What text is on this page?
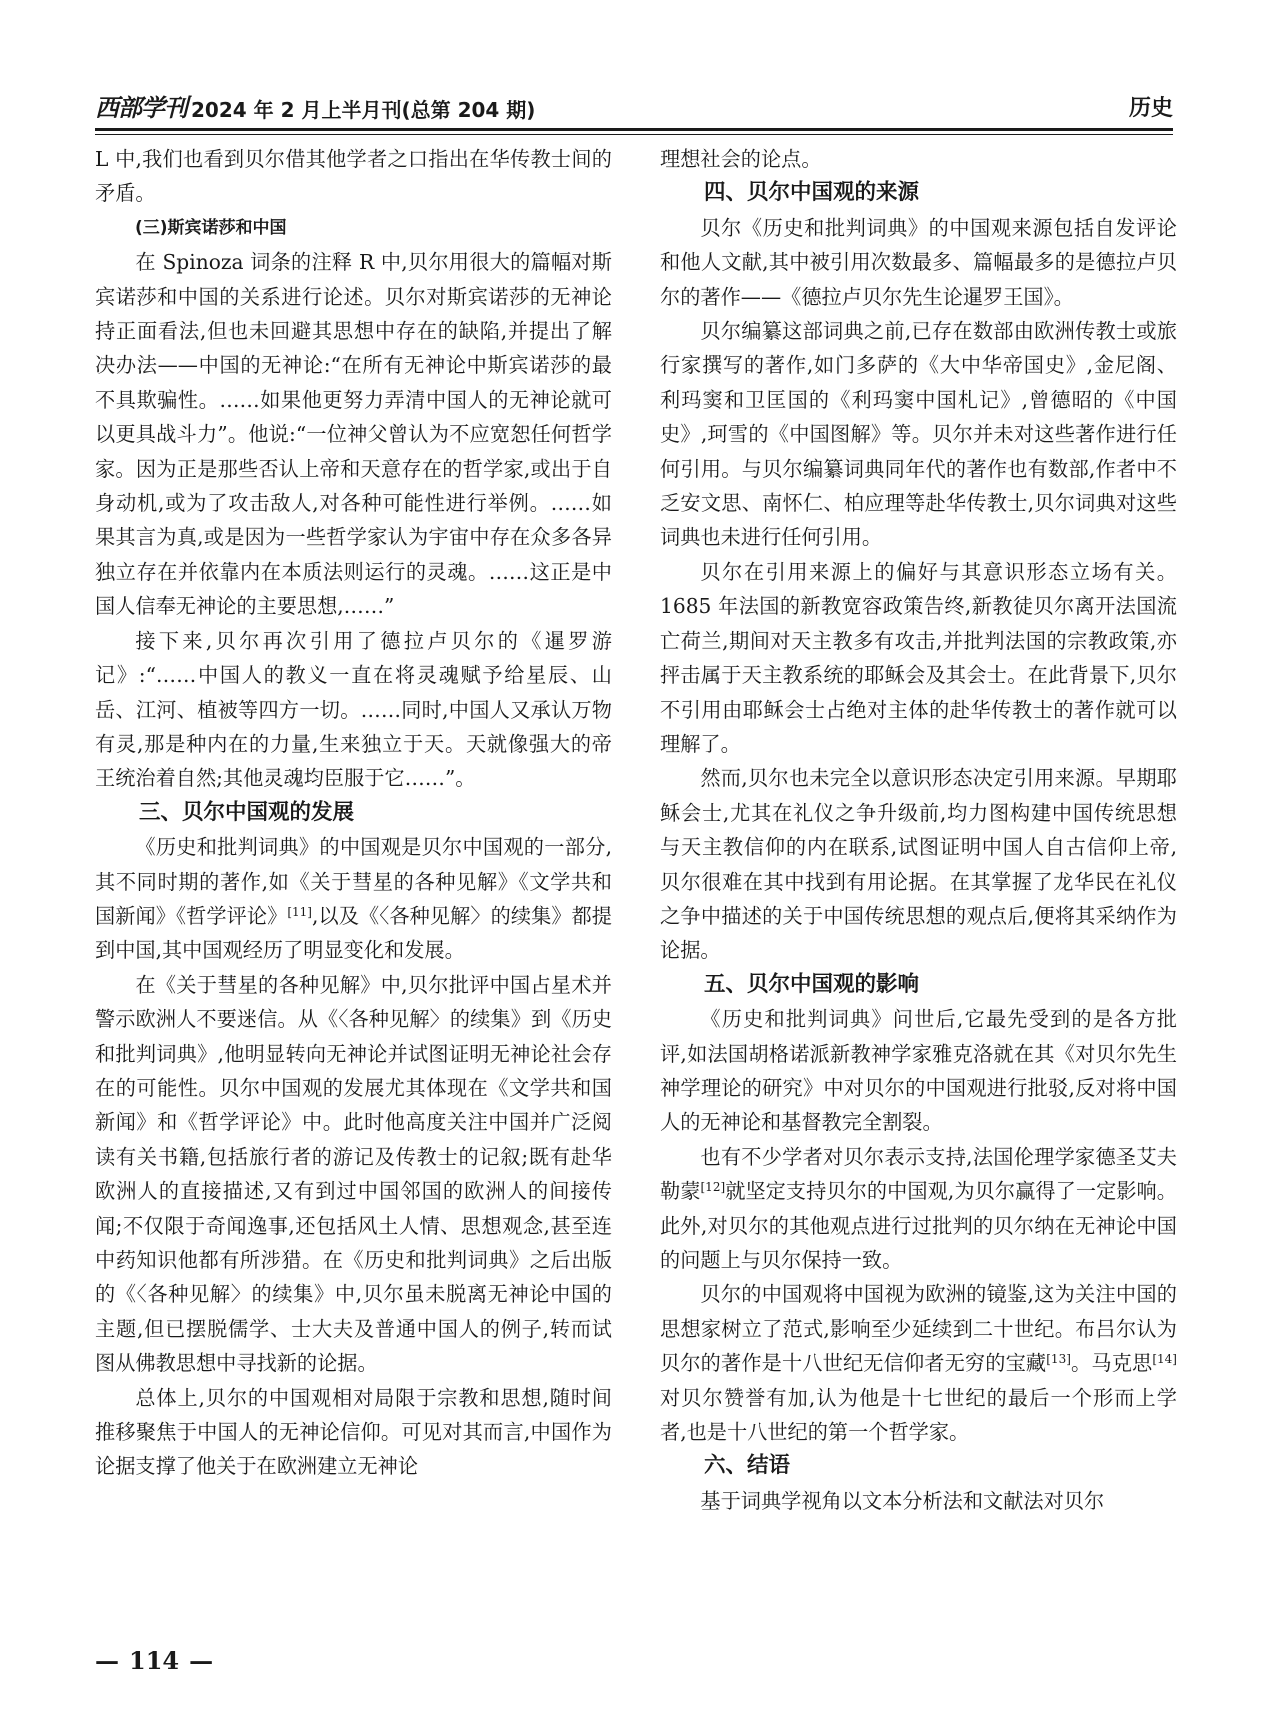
西部学刊 2024 年 2 月上半月刊(总第 204 期)	历史

L 中,我们也看到贝尔借其他学者之口指出在华传教士间的矛盾。

(三)斯宾诺莎和中国

在 Spinoza 词条的注释 R 中,贝尔用很大的篇幅对斯宾诺莎和中国的关系进行论述。贝尔对斯宾诺莎的无神论持正面看法,但也未回避其思想中存在的缺陷,并提出了解决办法——中国的无神论:“在所有无神论中斯宾诺莎的最不具欺骗性。……如果他更努力弄清中国人的无神论就可以更具战斗力”。他说:“一位神父曾认为不应宽恕任何哲学家。因为正是那些否认上帝和天意存在的哲学家,或出于自身动机,或为了攻击敌人,对各种可能性进行举例。……如果其言为真,或是因为一些哲学家认为宇宙中存在众多各异独立存在并依靠内在本质法则运行的灵魂。……这正是中国人信奉无神论的主要思想,……”

接下来,贝尔再次引用了德拉卢贝尔的《暹罗游记》:“……中国人的教义一直在将灵魂赋予给星辰、山岳、江河、植被等四方一切。……同时,中国人又承认万物有灵,那是种内在的力量,生来独立于天。天就像强大的帝王统治着自然;其他灵魂均臣服于它……”。

三、贝尔中国观的发展

《历史和批判词典》的中国观是贝尔中国观的一部分,其不同时期的著作,如《关于彗星的各种见解》《文学共和国新闻》《哲学评论》[11],以及《〈各种见解〉的续集》都提到中国,其中国观经历了明显变化和发展。

在《关于彗星的各种见解》中,贝尔批评中国占星术并警示欧洲人不要迷信。从《〈各种见解〉的续集》到《历史和批判词典》,他明显转向无神论并试图证明无神论社会存在的可能性。贝尔中国观的发展尤其体现在《文学共和国新闻》和《哲学评论》中。此时他高度关注中国并广泛阅读有关书籍,包括旅行者的游记及传教士的记叙;既有赴华欧洲人的直接描述,又有到过中国邻国的欧洲人的间接传闻;不仅限于奇闻逸事,还包括风土人情、思想观念,甚至连中药知识他都有所涉猎。在《历史和批判词典》之后出版的《〈各种见解〉的续集》中,贝尔虽未脱离无神论中国的主题,但已摆脱儒学、士大夫及普通中国人的例子,转而试图从佛教思想中寻找新的论据。

总体上,贝尔的中国观相对局限于宗教和思想,随时间推移聚焦于中国人的无神论信仰。可见对其而言,中国作为论据支撑了他关于在欧洲建立无神论

理想社会的论点。

四、贝尔中国观的来源

贝尔《历史和批判词典》的中国观来源包括自发评论和他人文献,其中被引用次数最多、篇幅最多的是德拉卢贝尔的著作——《德拉卢贝尔先生论暹罗王国》。

贝尔编纂这部词典之前,已存在数部由欧洲传教士或旅行家撰写的著作,如门多萨的《大中华帝国史》,金尼阁、利玛窦和卫匡国的《利玛窦中国札记》,曾德昭的《中国史》,珂雪的《中国图解》等。贝尔并未对这些著作进行任何引用。与贝尔编纂词典同年代的著作也有数部,作者中不乏安文思、南怀仁、柏应理等赴华传教士,贝尔词典对这些词典也未进行任何引用。

贝尔在引用来源上的偏好与其意识形态立场有关。1685 年法国的新教宽容政策告终,新教徒贝尔离开法国流亡荷兰,期间对天主教多有攻击,并批判法国的宗教政策,亦抨击属于天主教系统的耶稣会及其会士。在此背景下,贝尔不引用由耶稣会士占绝对主体的赴华传教士的著作就可以理解了。

然而,贝尔也未完全以意识形态决定引用来源。早期耶稣会士,尤其在礼仪之争升级前,均力图构建中国传统思想与天主教信仰的内在联系,试图证明中国人自古信仰上帝,贝尔很难在其中找到有用论据。在其掌握了龙华民在礼仪之争中描述的关于中国传统思想的观点后,便将其采纳作为论据。

五、贝尔中国观的影响

《历史和批判词典》问世后,它最先受到的是各方批评,如法国胡格诺派新教神学家雅克洛就在其《对贝尔先生神学理论的研究》中对贝尔的中国观进行批驳,反对将中国人的无神论和基督教完全割裂。

也有不少学者对贝尔表示支持,法国伦理学家德圣艾夫勒蒙[12]就坚定支持贝尔的中国观,为贝尔赢得了一定影响。此外,对贝尔的其他观点进行过批判的贝尔纳在无神论中国的问题上与贝尔保持一致。

贝尔的中国观将中国视为欧洲的镜鉴,这为关注中国的思想家树立了范式,影响至少延续到二十世纪。布吕尔认为贝尔的著作是十八世纪无信仰者无穷的宝藏[13]。马克思[14]对贝尔赞誉有加,认为他是十七世纪的最后一个形而上学者,也是十八世纪的第一个哲学家。

六、结语

基于词典学视角以文本分析法和文献法对贝尔

— 114 —
